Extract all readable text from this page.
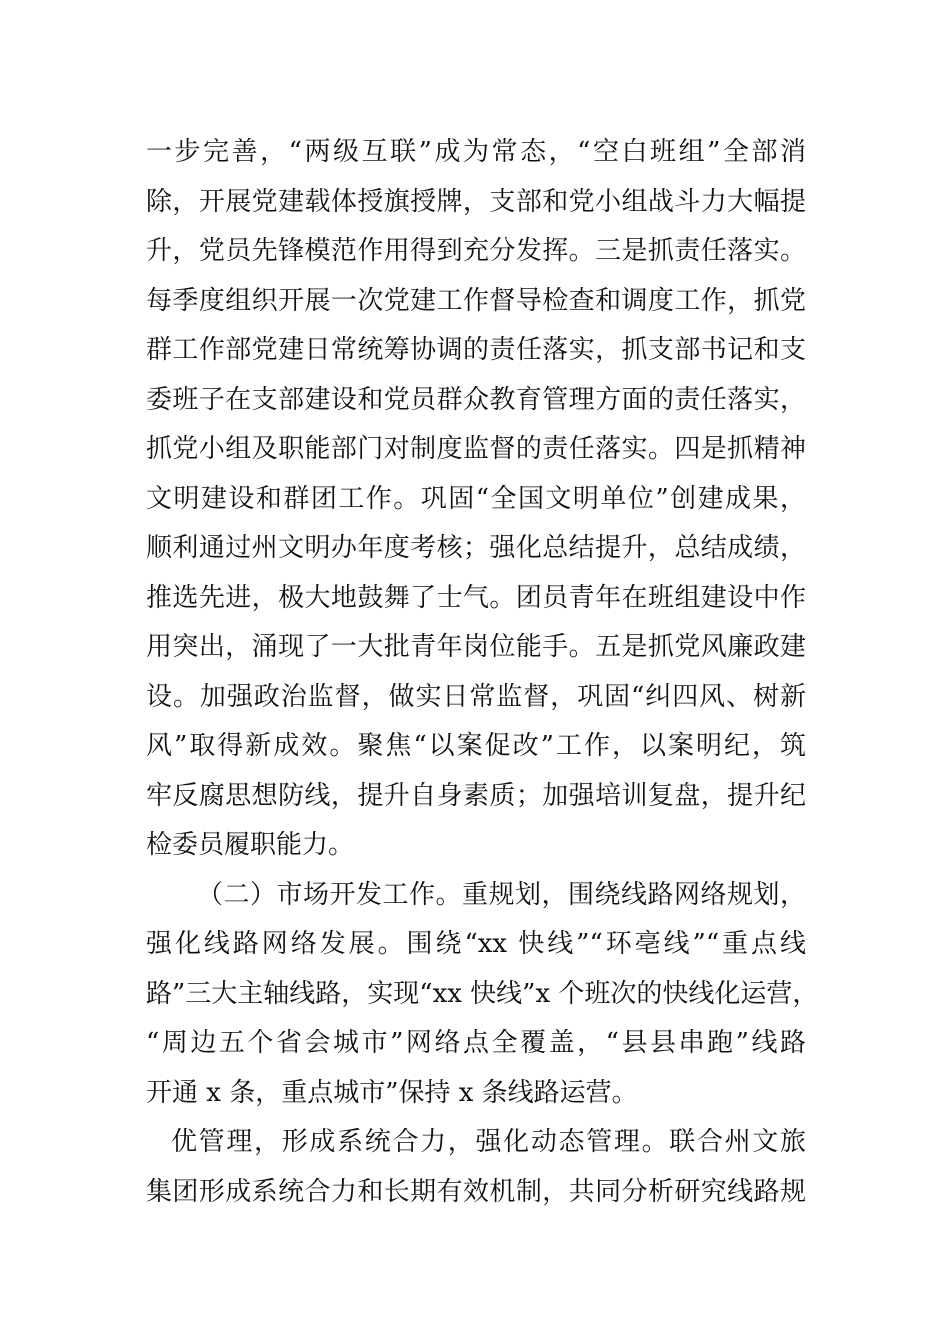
一步完善，“两级互联”成为常态，“空白班组”全部消
除，开展党建载体授旗授牌，支部和党小组战斗力大幅提
升，党员先锋模范作用得到充分发挥。三是抓责任落实。
每季度组织开展一次党建工作督导检查和调度工作，抓党
群工作部党建日常统筹协调的责任落实，抓支部书记和支
委班子在支部建设和党员群众教育管理方面的责任落实，
抓党小组及职能部门对制度监督的责任落实。四是抓精神
文明建设和群团工作。巩固“全国文明单位”创建成果，
顺利通过州文明办年度考核；强化总结提升，总结成绩，
推选先进，极大地鼓舞了士气。团员青年在班组建设中作
用突出，涌现了一大批青年岗位能手。五是抓党风廉政建
设。加强政治监督，做实日常监督，巩固“纠四风、树新
风”取得新成效。聚焦“以案促改”工作，以案明纪，筑
牢反腐思想防线，提升自身素质；加强培训复盘，提升纪
检委员履职能力。
（二）市场开发工作。重规划，围绕线路网络规划，
强化线路网络发展。围绕“xx 快线”“环亳线”“重点线
路”三大主轴线路，实现“xx 快线”x 个班次的快线化运营，
“周边五个省会城市”网络点全覆盖，“县县串跑”线路
开通 x 条，重点城市”保持 x 条线路运营。
优管理，形成系统合力，强化动态管理。联合州文旅
集团形成系统合力和长期有效机制，共同分析研究线路规
